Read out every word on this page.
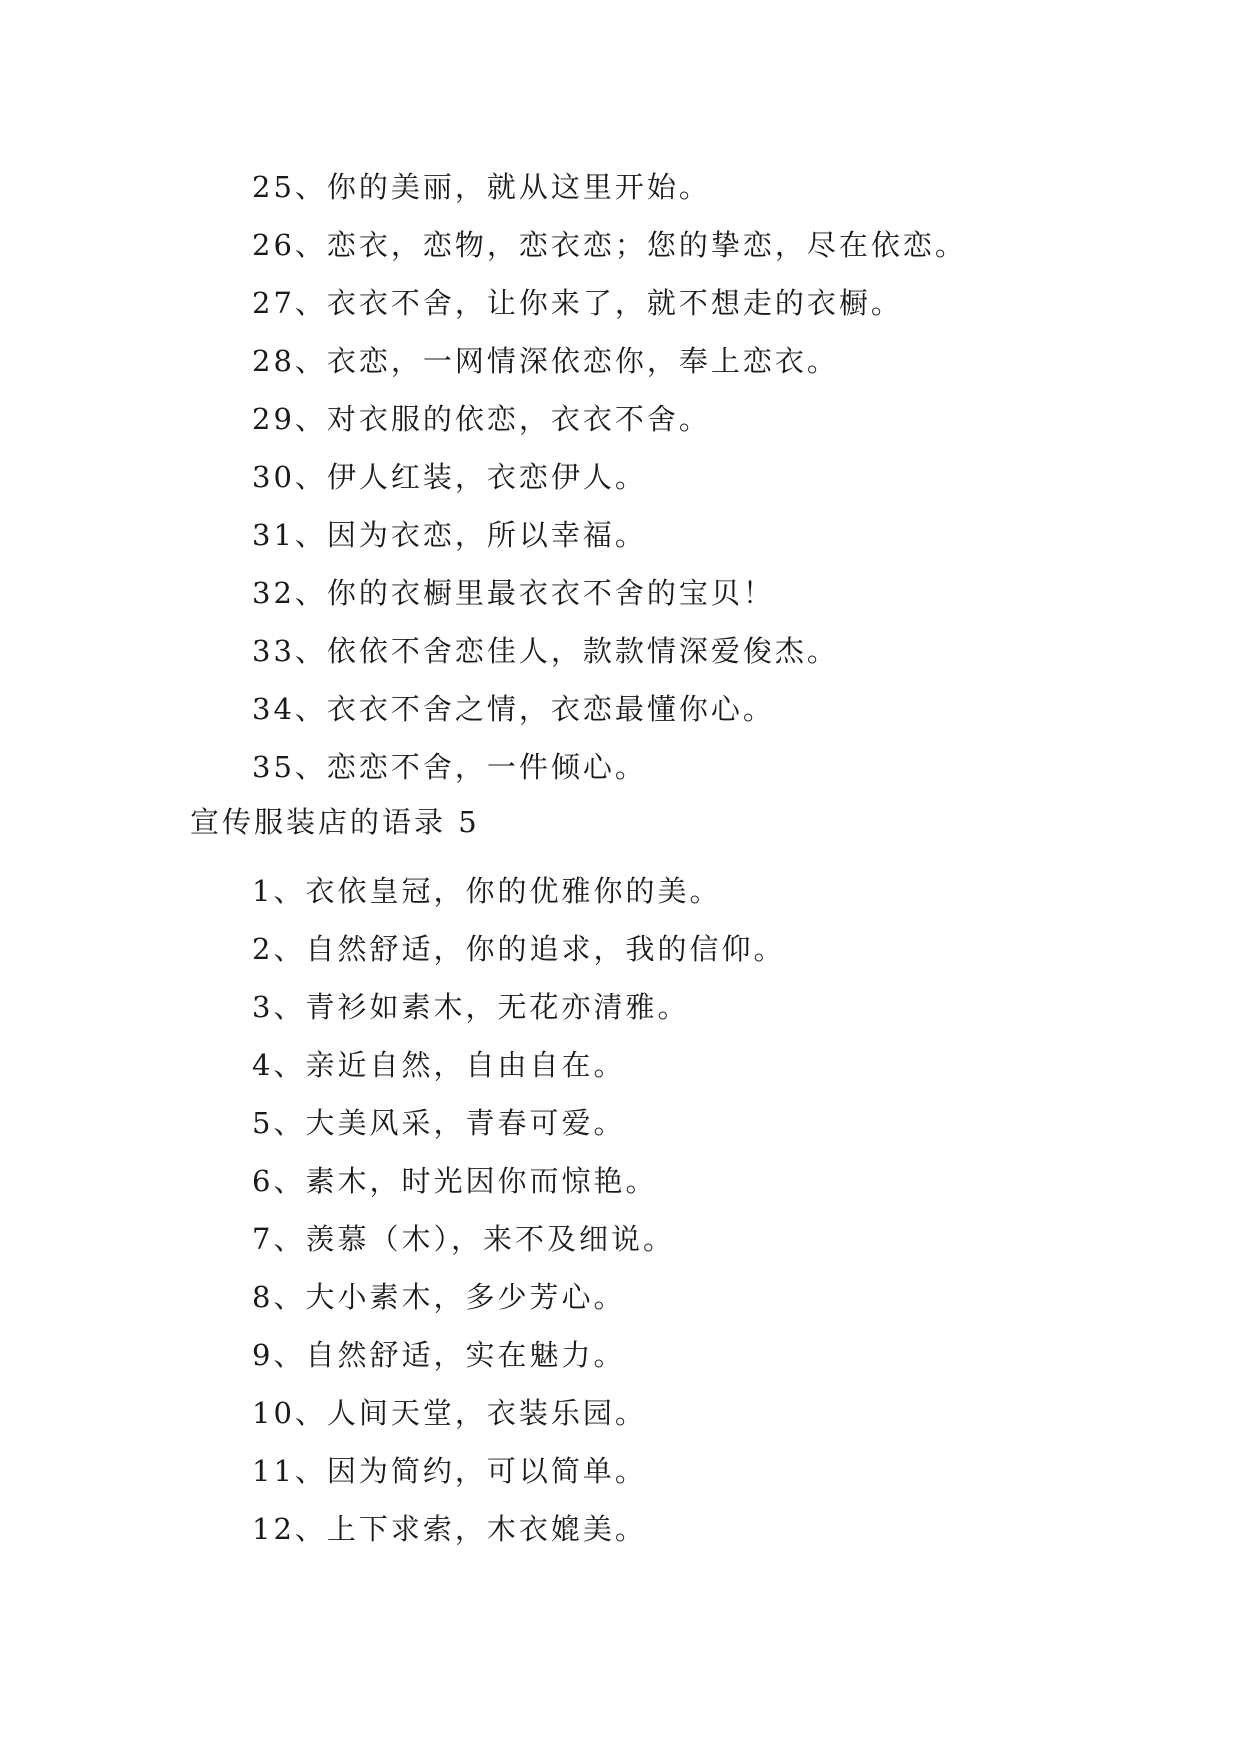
25、你的美丽，就从这里开始。
26、恋衣，恋物，恋衣恋；您的挚恋，尽在依恋。
27、衣衣不舍，让你来了，就不想走的衣橱。
28、衣恋，一网情深依恋你，奉上恋衣。
29、对衣服的依恋，衣衣不舍。
30、伊人红装，衣恋伊人。
31、因为衣恋，所以幸福。
32、你的衣橱里最衣衣不舍的宝贝！
33、依依不舍恋佳人，款款情深爱俊杰。
34、衣衣不舍之情，衣恋最懂你心。
35、恋恋不舍，一件倾心。
宣传服装店的语录 5
1、衣依皇冠，你的优雅你的美。
2、自然舒适，你的追求，我的信仰。
3、青衫如素木，无花亦清雅。
4、亲近自然，自由自在。
5、大美风采，青春可爱。
6、素木，时光因你而惊艳。
7、羡慕（木），来不及细说。
8、大小素木，多少芳心。
9、自然舒适，实在魅力。
10、人间天堂，衣装乐园。
11、因为简约，可以简单。
12、上下求索，木衣媲美。
